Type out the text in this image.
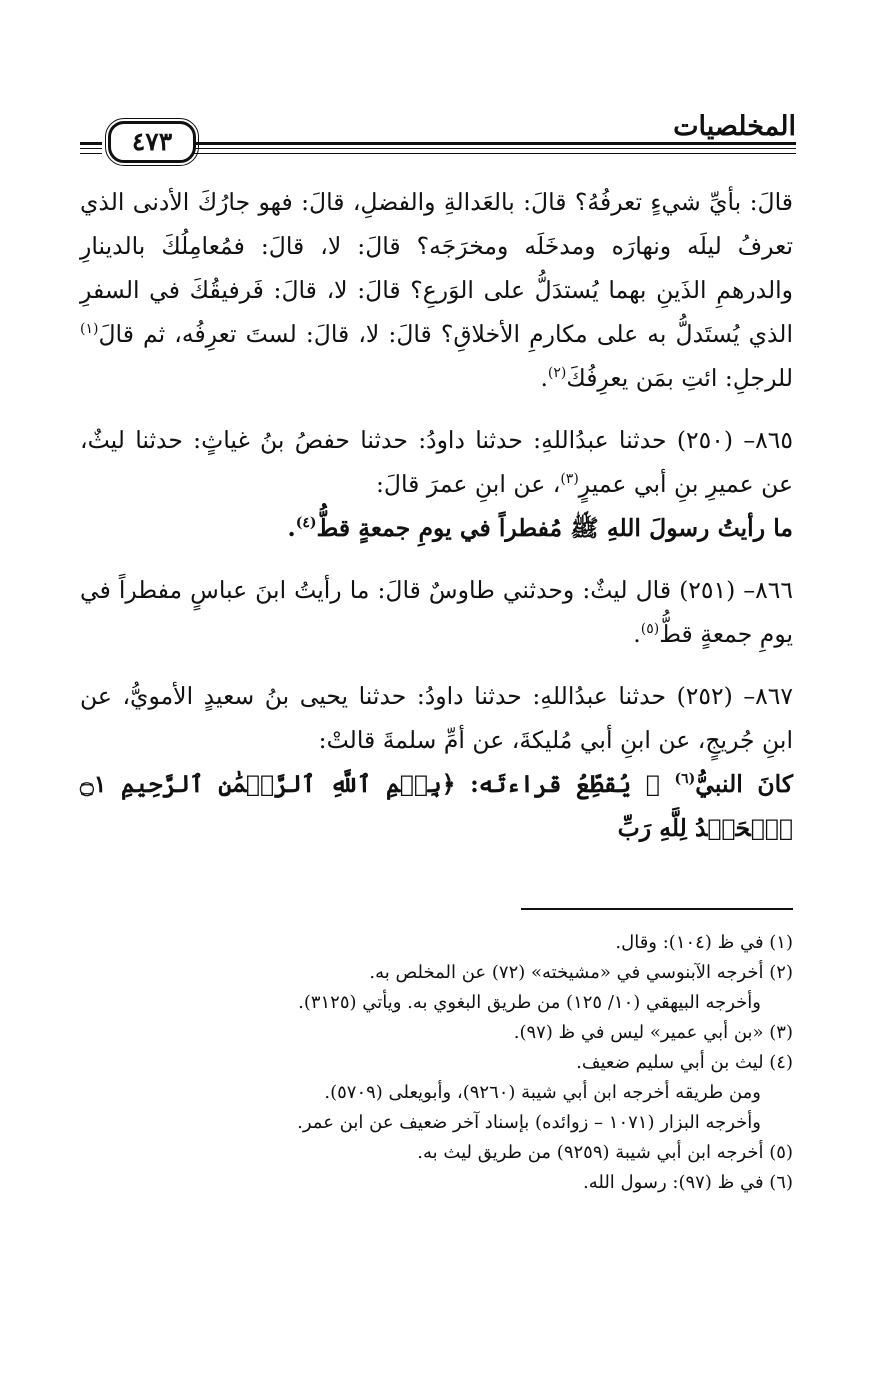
المخلصيات
٤٧٣

قالَ: بأيِّ شيءٍ تعرفُهُ؟ قالَ: بالعَدالةِ والفضلِ، قالَ: فهو جارُكَ الأدنى الذي تعرفُ ليلَه ونهارَه ومدخَلَه ومخرَجَه؟ قالَ: لا، قالَ: فمُعامِلُكَ بالدينارِ والدرهمِ الذَينِ بهما يُستدَلُّ على الوَرعِ؟ قالَ: لا، قالَ: فَرفيقُكَ في السفرِ الذي يُستَدلُّ به على مكارمِ الأخلاقِ؟ قالَ: لا، قالَ: لستَ تعرِفُه، ثم قالَ$^{(١)}$ للرجلِ: ائتِ بمَن يعرِفُكَ$^{(٢)}$.

٨٦٥– (٢٥٠) حدثنا عبدُاللهِ: حدثنا داودُ: حدثنا حفصُ بنُ غياثٍ: حدثنا ليثٌ، عن عميرِ بنِ أبي عميرٍ$^{(٣)}$، عن ابنِ عمرَ قالَ:

ما رأيتُ رسولَ اللهِ ﷺ مُفطراً في يومِ جمعةٍ قطُّ$^{(٤)}$.

٨٦٦– (٢٥١) قال ليثٌ: وحدثني طاوسٌ قالَ: ما رأيتُ ابنَ عباسٍ مفطراً في يومِ جمعةٍ قطُّ$^{(٥)}$.

٨٦٧– (٢٥٢) حدثنا عبدُاللهِ: حدثنا داودُ: حدثنا يحيى بنُ سعيدٍ الأمويُّ، عن ابنِ جُريجٍ، عن ابنِ أبي مُليكةَ، عن أمِّ سلمةَ قالتْ:

كانَ النبيُّ$^{(٦)}$ ﷺ يُقطِّعُ قراءتَه: ﴿بِسۡمِ ٱللَّهِ ٱلرَّحۡمَٰنِ ٱلرَّحِيمِ ۝١ ٱلۡحَمۡدُ لِلَّهِ رَبِّ

(١) في ظ (١٠٤): وقال.

(٢) أخرجه الآبنوسي في «مشيخته» (٧٢) عن المخلص به.

وأخرجه البيهقي (١٠/ ١٢٥) من طريق البغوي به. ويأتي (٣١٢٥).

(٣) «بن أبي عمير» ليس في ظ (٩٧).

(٤) ليث بن أبي سليم ضعيف.

ومن طريقه أخرجه ابن أبي شيبة (٩٢٦٠)، وأبويعلى (٥٧٠٩).

وأخرجه البزار (١٠٧١ – زوائده) بإسناد آخر ضعيف عن ابن عمر.

(٥) أخرجه ابن أبي شيبة (٩٢٥٩) من طريق ليث به.

(٦) في ظ (٩٧): رسول الله.
